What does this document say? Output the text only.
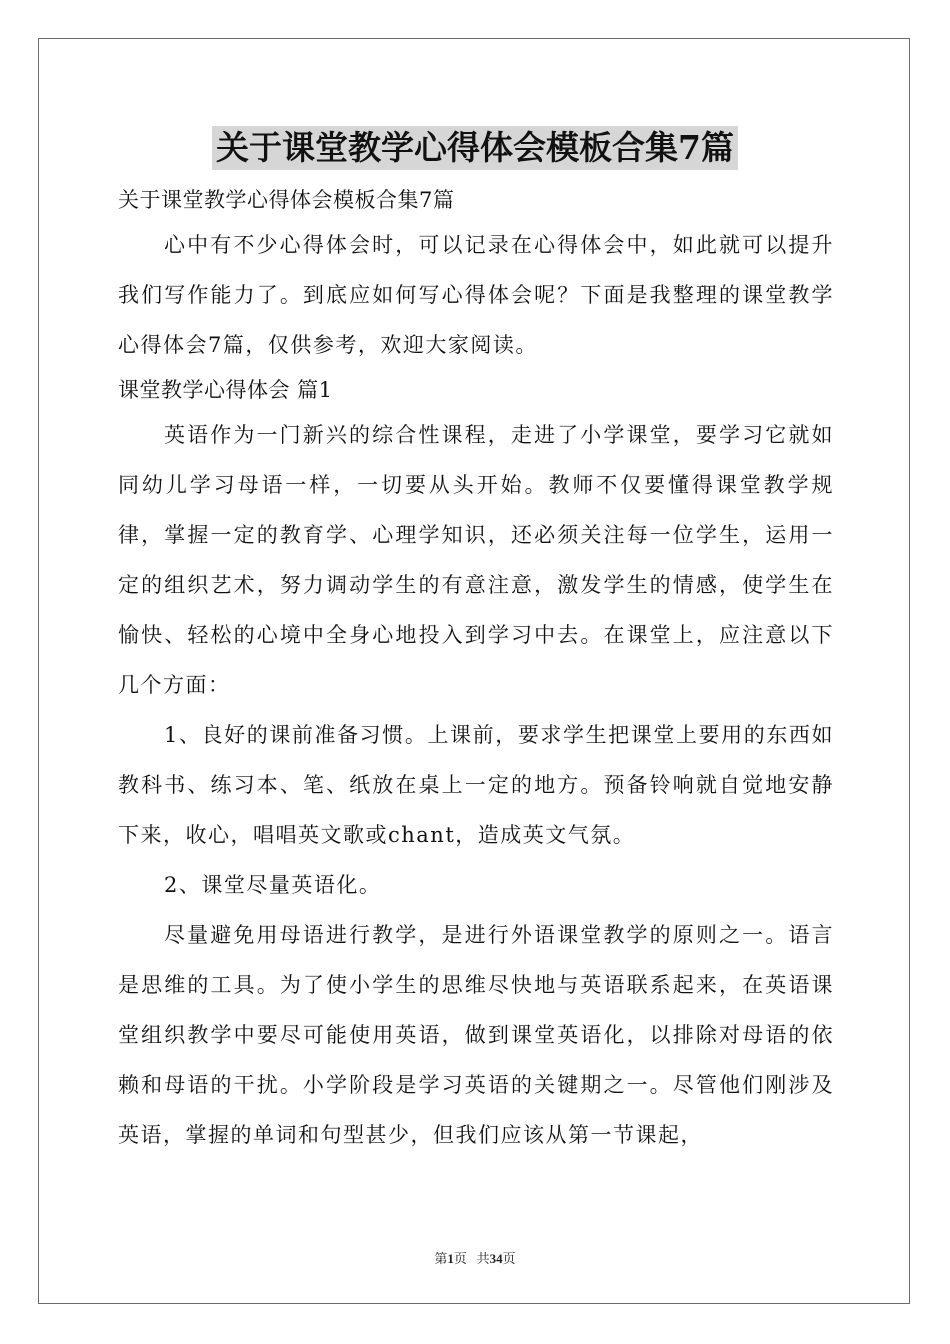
关于课堂教学心得体会模板合集7篇

关于课堂教学心得体会模板合集7篇

心中有不少心得体会时，可以记录在心得体会中，如此就可以提升我们写作能力了。到底应如何写心得体会呢？下面是我整理的课堂教学心得体会7篇，仅供参考，欢迎大家阅读。

课堂教学心得体会 篇1

英语作为一门新兴的综合性课程，走进了小学课堂，要学习它就如同幼儿学习母语一样，一切要从头开始。教师不仅要懂得课堂教学规律，掌握一定的教育学、心理学知识，还必须关注每一位学生，运用一定的组织艺术，努力调动学生的有意注意，激发学生的情感，使学生在愉快、轻松的心境中全身心地投入到学习中去。在课堂上，应注意以下几个方面：

1、良好的课前准备习惯。上课前，要求学生把课堂上要用的东西如教科书、练习本、笔、纸放在桌上一定的地方。预备铃响就自觉地安静下来，收心，唱唱英文歌或chant，造成英文气氛。

2、课堂尽量英语化。

尽量避免用母语进行教学，是进行外语课堂教学的原则之一。语言是思维的工具。为了使小学生的思维尽快地与英语联系起来，在英语课堂组织教学中要尽可能使用英语，做到课堂英语化，以排除对母语的依赖和母语的干扰。小学阶段是学习英语的关键期之一。尽管他们刚涉及英语，掌握的单词和句型甚少，但我们应该从第一节课起，

第1页 共34页
